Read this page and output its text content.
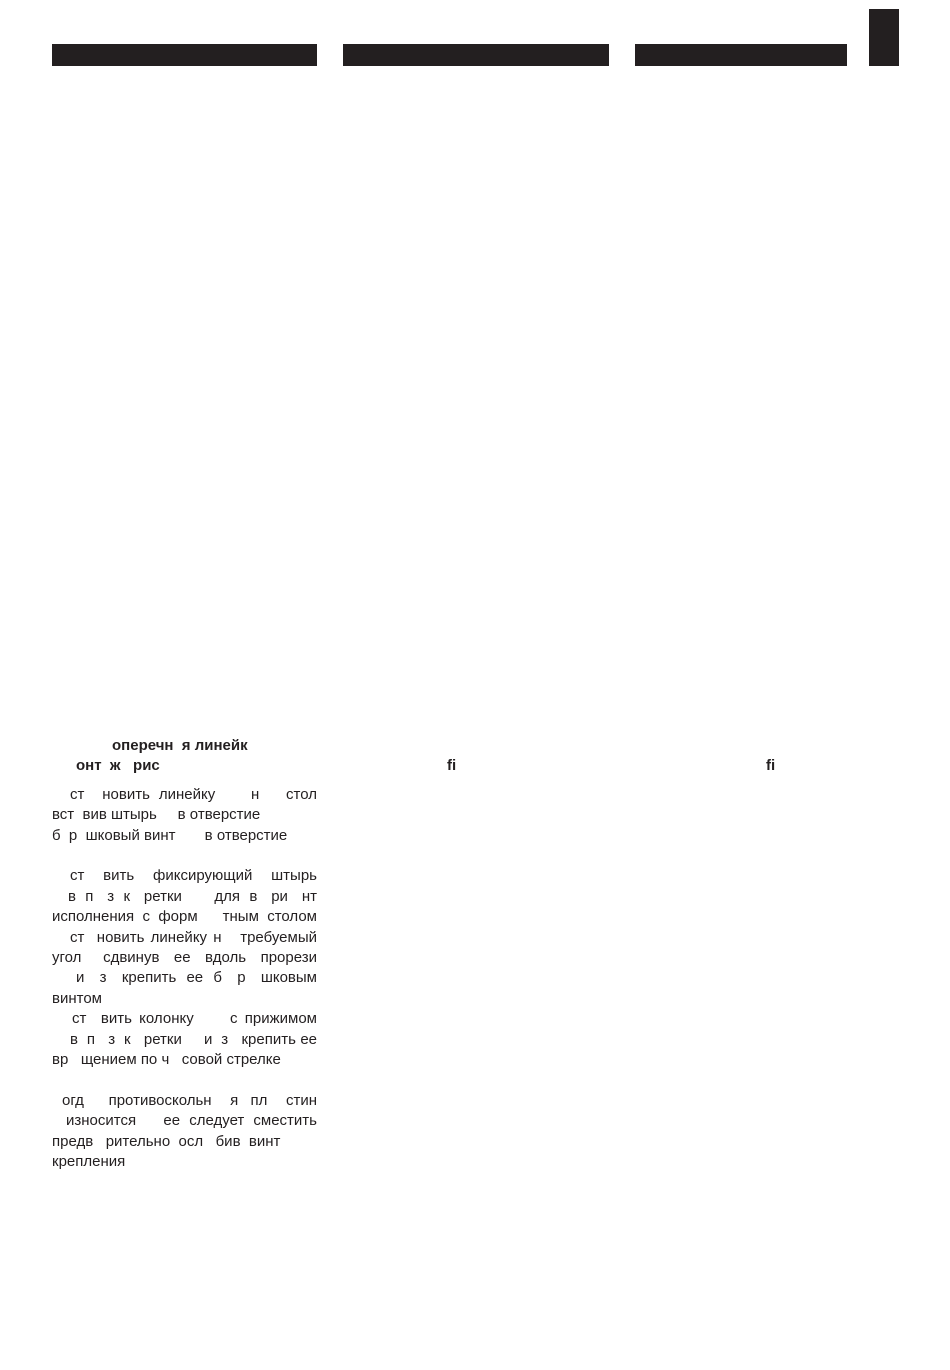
оперечн  я линейк
онт  ж   рис
ст  новить линейку    н   стол
вст  вив штырь     в отверстие
б  р  шковый винт       в отверстие
ст  вить  фиксирующий  штырь
в  п   з  к   ретки       для  в   ри   нт
исполнения с форм   тным столом
ст  новить линейку н   требуемый
угол   сдвинув  ее  вдоль  прорези
и   з   крепить  ее  б   р   шковым
винтом
ст  вить колонку     с прижимом
в  п   з  к   ретки     и  з   крепить ее
вр   щением по ч   совой стрелке
огд    противоскольн   я  пл   стин
износится   ее следует сместить
предв   рительно  осл   бив  винт
крепления
fi	fi
